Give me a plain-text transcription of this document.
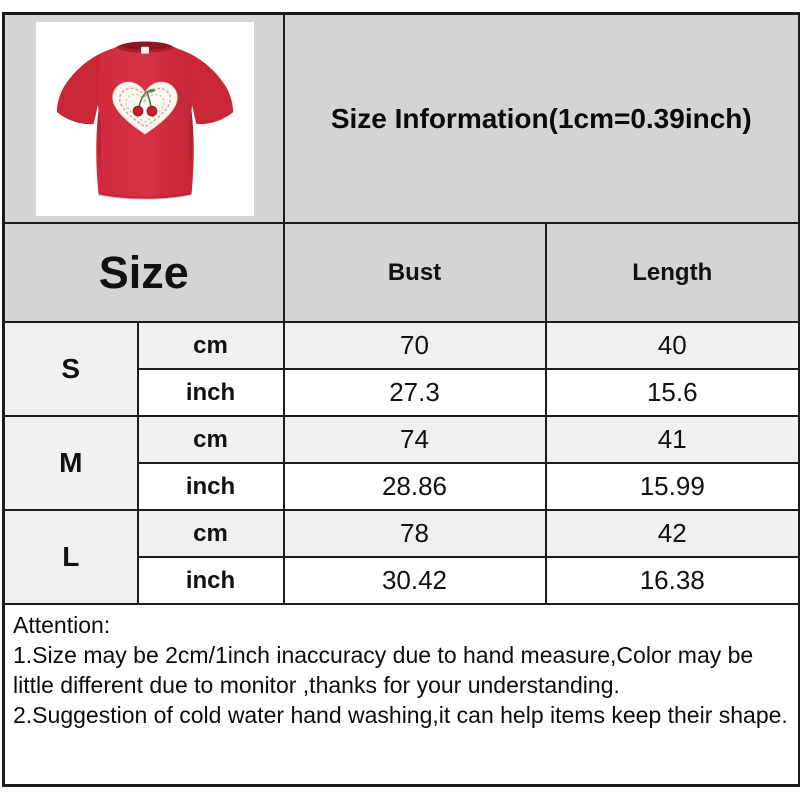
	Size Information(1cm=0.39inch)	
Size		Bust	Length
S	cm	70	40
	inch	27.3	15.6
M	cm	74	41
	inch	28.86	15.99
L	cm	78	42
	inch	30.42	16.38

Attention:
1.Size may be 2cm/1inch inaccuracy due to hand measure,Color may be little different due to monitor ,thanks for your understanding.
2.Suggestion of cold water hand washing,it can help items keep their shape.			
